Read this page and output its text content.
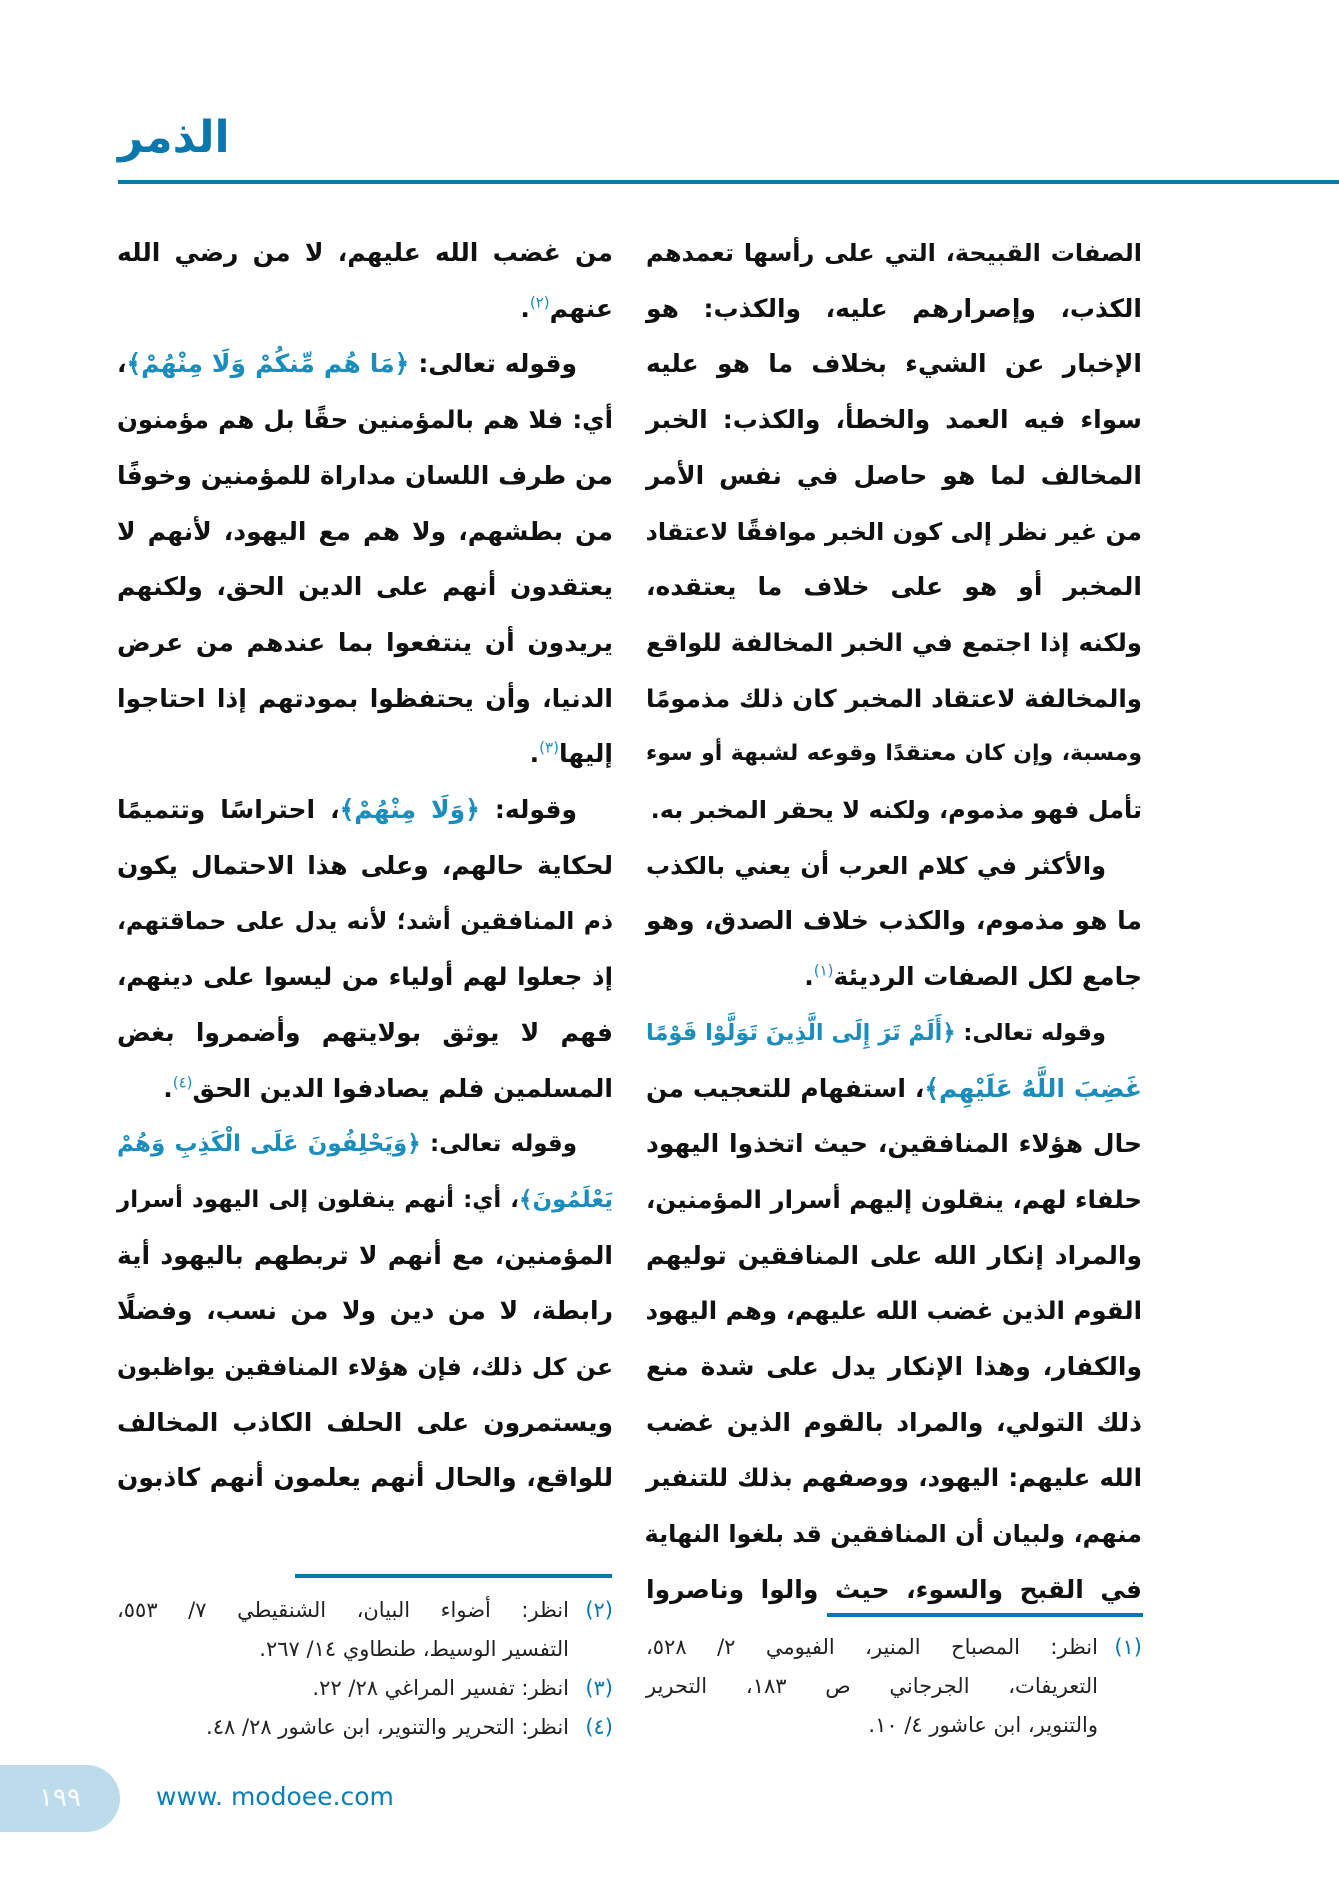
الذمر
الصفات القبيحة، التي على رأسها تعمدهم
الكذب، وإصرارهم عليه، والكذب: هو
الإخبار عن الشيء بخلاف ما هو عليه
سواء فيه العمد والخطأ، والكذب: الخبر
المخالف لما هو حاصل في نفس الأمر
من غير نظر إلى كون الخبر موافقًا لاعتقاد
المخبر أو هو على خلاف ما يعتقده،
ولكنه إذا اجتمع في الخبر المخالفة للواقع
والمخالفة لاعتقاد المخبر كان ذلك مذمومًا
ومسبة، وإن كان معتقدًا وقوعه لشبهة أو سوء
تأمل فهو مذموم، ولكنه لا يحقر المخبر به.
والأكثر في كلام العرب أن يعني بالكذب
ما هو مذموم، والكذب خلاف الصدق، وهو
جامع لكل الصفات الرديئة$^{(١)}$.
وقوله تعالى: ﴿أَلَمْ تَرَ إِلَى الَّذِينَ تَوَلَّوْا قَوْمًا
غَضِبَ اللَّهُ عَلَيْهِم﴾، استفهام للتعجيب من
حال هؤلاء المنافقين، حيث اتخذوا اليهود
حلفاء لهم، ينقلون إليهم أسرار المؤمنين،
والمراد إنكار الله على المنافقين توليهم
القوم الذين غضب الله عليهم، وهم اليهود
والكفار، وهذا الإنكار يدل على شدة منع
ذلك التولي، والمراد بالقوم الذين غضب
الله عليهم: اليهود، ووصفهم بذلك للتنفير
منهم، ولبيان أن المنافقين قد بلغوا النهاية
في القبح والسوء، حيث والوا وناصروا
من غضب الله عليهم، لا من رضي الله
عنهم$^{(٢)}$.
وقوله تعالى: ﴿مَا هُم مِّنكُمْ وَلَا مِنْهُمْ﴾،
أي: فلا هم بالمؤمنين حقًا بل هم مؤمنون
من طرف اللسان مداراة للمؤمنين وخوفًا
من بطشهم، ولا هم مع اليهود، لأنهم لا
يعتقدون أنهم على الدين الحق، ولكنهم
يريدون أن ينتفعوا بما عندهم من عرض
الدنيا، وأن يحتفظوا بمودتهم إذا احتاجوا
إليها$^{(٣)}$.
وقوله: ﴿وَلَا مِنْهُمْ﴾، احتراسًا وتتميمًا
لحكاية حالهم، وعلى هذا الاحتمال يكون
ذم المنافقين أشد؛ لأنه يدل على حماقتهم،
إذ جعلوا لهم أولياء من ليسوا على دينهم،
فهم لا يوثق بولايتهم وأضمروا بغض
المسلمين فلم يصادفوا الدين الحق$^{(٤)}$.
وقوله تعالى: ﴿وَيَحْلِفُونَ عَلَى الْكَذِبِ وَهُمْ
يَعْلَمُونَ﴾، أي: أنهم ينقلون إلى اليهود أسرار
المؤمنين، مع أنهم لا تربطهم باليهود أية
رابطة، لا من دين ولا من نسب، وفضلًا
عن كل ذلك، فإن هؤلاء المنافقين يواظبون
ويستمرون على الحلف الكاذب المخالف
للواقع، والحال أنهم يعلمون أنهم كاذبون
(١)
انظر: المصباح المنير، الفيومي ٢/ ٥٢٨،
التعريفات، الجرجاني ص ١٨٣، التحرير
والتنوير، ابن عاشور ٤/ ١٠.
(٢)
انظر: أضواء البيان، الشنقيطي ٧/ ٥٥٣،
التفسير الوسيط، طنطاوي ١٤/ ٢٦٧.
(٣)
انظر: تفسير المراغي ٢٨/ ٢٢.
(٤)
انظر: التحرير والتنوير، ابن عاشور ٢٨/ ٤٨.
١٩٩	www. modoee.com
